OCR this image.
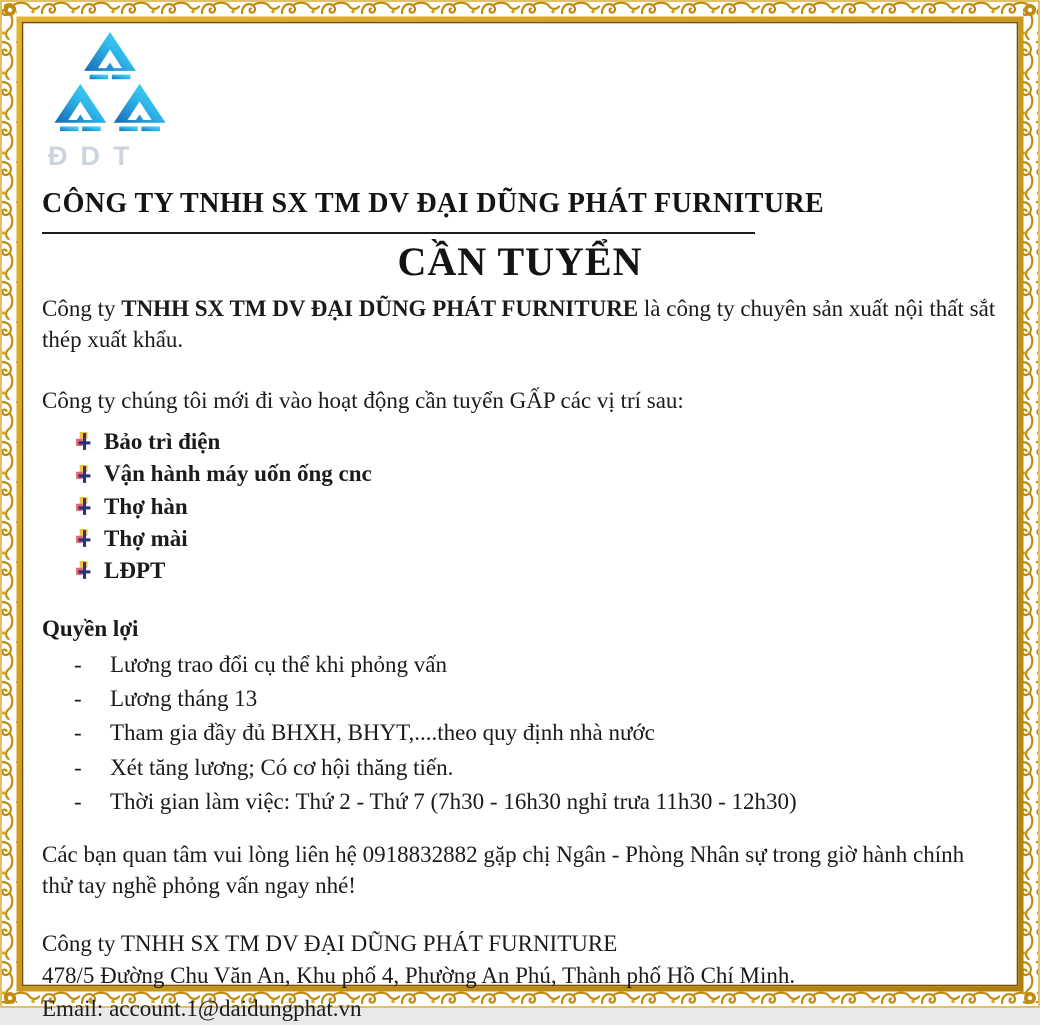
ĐDT
CÔNG TY TNHH SX TM DV ĐẠI DŨNG PHÁT FURNITURE
CẦN TUYỂN

Công ty TNHH SX TM DV ĐẠI DŨNG PHÁT FURNITURE là công ty chuyên sản xuất nội thất sắt thép xuất khẩu.

Công ty chúng tôi mới đi vào hoạt động cần tuyển GẤP các vị trí sau:

Bảo trì điện
Vận hành máy uốn ống cnc
Thợ hàn
Thợ mài
LĐPT
Quyền lợi
-	Lương trao đổi cụ thể khi phỏng vấn
-	Lương tháng 13
-	Tham gia đầy đủ BHXH, BHYT,....theo quy định nhà nước
-	Xét tăng lương; Có cơ hội thăng tiến.
-	Thời gian làm việc: Thứ 2 - Thứ 7 (7h30 - 16h30 nghỉ trưa 11h30 - 12h30)

Các bạn quan tâm vui lòng liên hệ 0918832882 gặp chị Ngân - Phòng Nhân sự trong giờ hành chính thử tay nghề phỏng vấn ngay nhé!

Công ty TNHH SX TM DV ĐẠI DŨNG PHÁT FURNITURE

478/5 Đường Chu Văn An, Khu phố 4, Phường An Phú, Thành phố Hồ Chí Minh.

Email: account.1@daidungphat.vn
